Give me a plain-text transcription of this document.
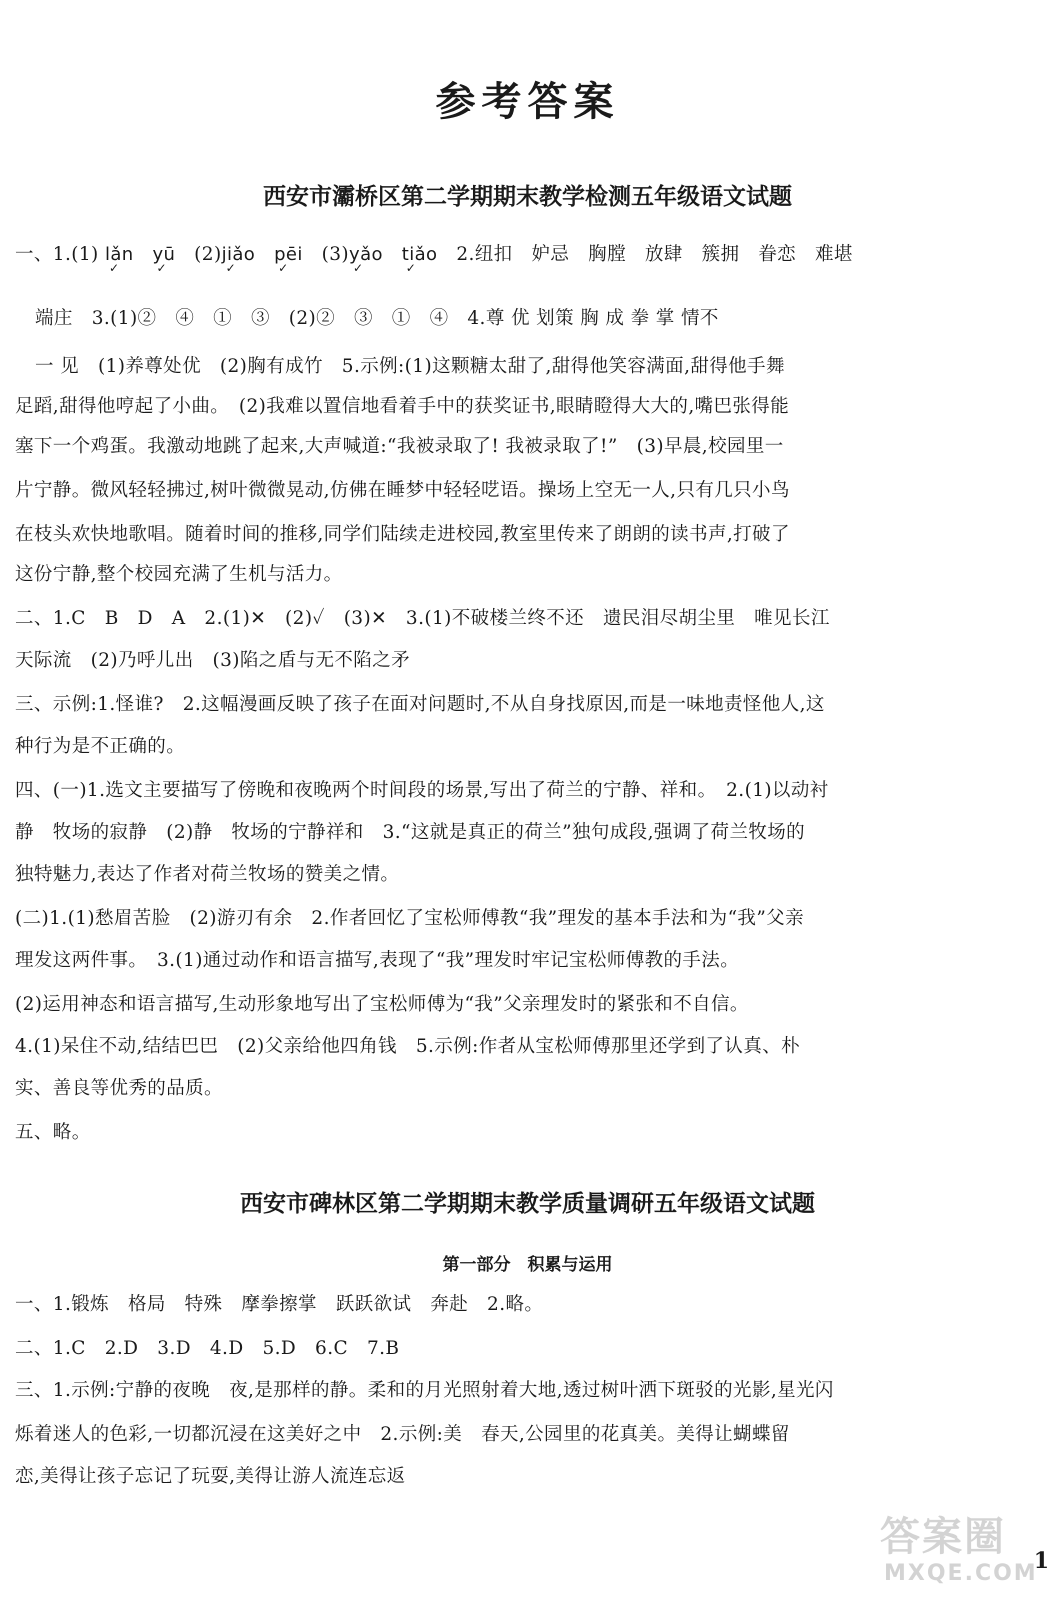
参考答案
西安市灞桥区第二学期期末教学检测五年级语文试题
一、1.(1) lǎn
✓
yū
✓
(2)jiǎo
✓
pēi
✓
(3)yǎo
✓
tiǎo
✓
2.纽扣　妒忌　胸膛　放肆　簇拥　眷恋　难堪
端庄　3.(1)②　④　①　③　(2)②　③　①　④　4.尊 优 划策 胸 成 拳 掌 情不
一 见　(1)养尊处优　(2)胸有成竹　5.示例:(1)这颗糖太甜了,甜得他笑容满面,甜得他手舞
足蹈,甜得他哼起了小曲。　(2)我难以置信地看着手中的获奖证书,眼睛瞪得大大的,嘴巴张得能
塞下一个鸡蛋。我激动地跳了起来,大声喊道:“我被录取了! 我被录取了!”　(3)早晨,校园里一
片宁静。微风轻轻拂过,树叶微微晃动,仿佛在睡梦中轻轻呓语。操场上空无一人,只有几只小鸟
在枝头欢快地歌唱。随着时间的推移,同学们陆续走进校园,教室里传来了朗朗的读书声,打破了
这份宁静,整个校园充满了生机与活力。
二、1.C　B　D　A　2.(1)✕　(2)✓　(3)✕　3.(1)不破楼兰终不还　遗民泪尽胡尘里　唯见长江
天际流　(2)乃呼儿出　(3)陷之盾与无不陷之矛
三、示例:1.怪谁?　2.这幅漫画反映了孩子在面对问题时,不从自身找原因,而是一味地责怪他人,这
种行为是不正确的。
四、(一)1.选文主要描写了傍晚和夜晚两个时间段的场景,写出了荷兰的宁静、祥和。　2.(1)以动衬
静　牧场的寂静　(2)静　牧场的宁静祥和　3.“这就是真正的荷兰”独句成段,强调了荷兰牧场的
独特魅力,表达了作者对荷兰牧场的赞美之情。
(二)1.(1)愁眉苦脸　(2)游刃有余　2.作者回忆了宝松师傅教“我”理发的基本手法和为“我”父亲
理发这两件事。　3.(1)通过动作和语言描写,表现了“我”理发时牢记宝松师傅教的手法。
(2)运用神态和语言描写,生动形象地写出了宝松师傅为“我”父亲理发时的紧张和不自信。
4.(1)呆住不动,结结巴巴　(2)父亲给他四角钱　5.示例:作者从宝松师傅那里还学到了认真、朴
实、善良等优秀的品质。
五、略。
西安市碑林区第二学期期末教学质量调研五年级语文试题
第一部分　积累与运用
一、1.锻炼　格局　特殊　摩拳擦掌　跃跃欲试　奔赴　2.略。
二、1.C　2.D　3.D　4.D　5.D　6.C　7.B
三、1.示例:宁静的夜晚　夜,是那样的静。柔和的月光照射着大地,透过树叶洒下斑驳的光影,星光闪
烁着迷人的色彩,一切都沉浸在这美好之中　2.示例:美　春天,公园里的花真美。美得让蝴蝶留
恋,美得让孩子忘记了玩耍,美得让游人流连忘返
1
答案圈
MXQE.COM
